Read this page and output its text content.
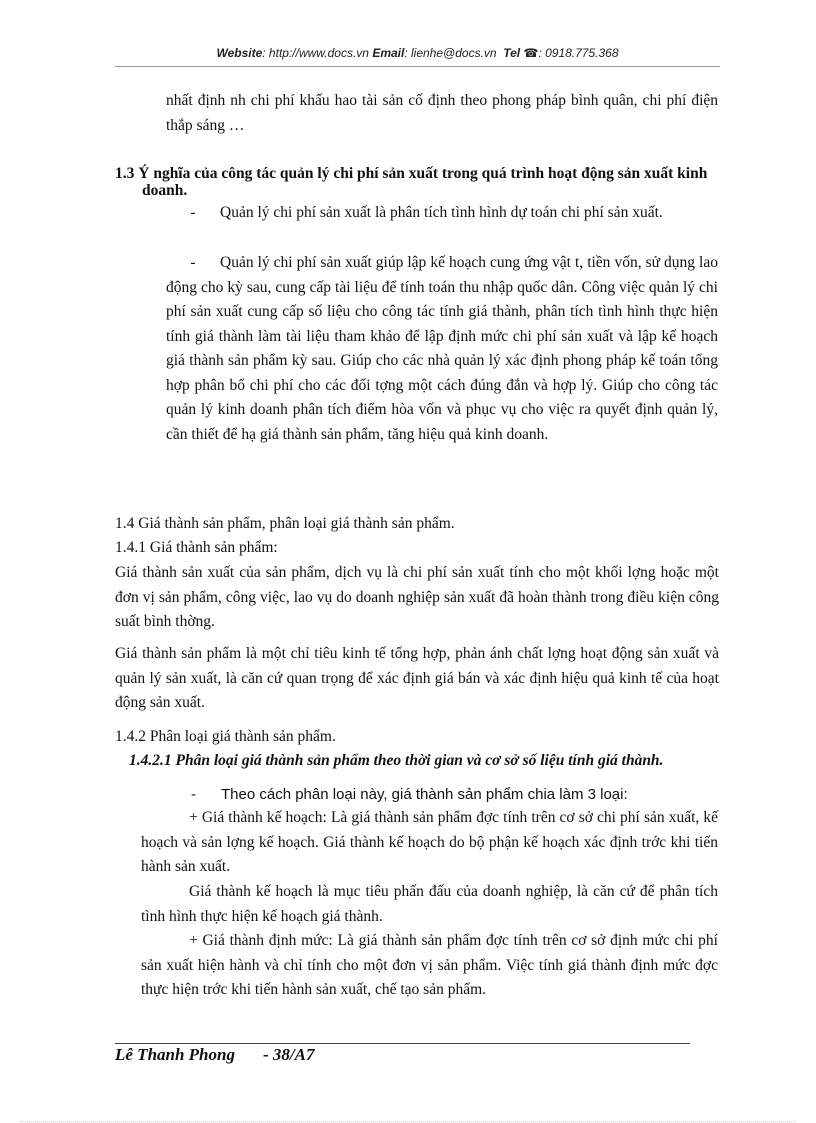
Website: http://www.docs.vn Email: lienhe@docs.vn Tel ☎: 0918.775.368

nhất định nh chi phí khấu hao tài sản cố định theo phong pháp bình quân, chi phí điện thắp sáng …

1.3 Ý nghĩa của công tác quản lý chi phí sản xuất trong quá trình hoạt động sản xuất kinh doanh.

- Quản lý chi phí sản xuất là phân tích tình hình dự toán chi phí sản xuất.

- Quản lý chi phí sản xuất giúp lập kế hoạch cung ứng vật t, tiền vốn, sử dụng lao động cho kỳ sau, cung cấp tài liệu để tính toán thu nhập quốc dân. Công việc quản lý chi phí sản xuất cung cấp số liệu cho công tác tính giá thành, phân tích tình hình thực hiện tính giá thành làm tài liệu tham khảo để lập định mức chi phí sản xuất và lập kế hoạch giá thành sản phẩm kỳ sau. Giúp cho các nhà quản lý xác định phong pháp kế toán tổng hợp phân bổ chi phí cho các đối tợng một cách đúng đắn và hợp lý. Giúp cho công tác quản lý kinh doanh phân tích điểm hòa vốn và phục vụ cho việc ra quyết định quản lý, cần thiết để hạ giá thành sản phẩm, tăng hiệu quả kinh doanh.

1.4 Giá thành sản phẩm, phân loại giá thành sản phẩm.

1.4.1 Giá thành sản phẩm:

Giá thành sản xuất của sản phẩm, dịch vụ là chi phí sản xuất tính cho một khối lợng hoặc một đơn vị sản phẩm, công việc, lao vụ do doanh nghiệp sản xuất đã hoàn thành trong điều kiện công suất bình thờng.

Giá thành sản phẩm là một chỉ tiêu kinh tế tổng hợp, phản ánh chất lợng hoạt động sản xuất và quản lý sản xuất, là căn cứ quan trọng để xác định giá bán và xác định hiệu quả kinh tế của hoạt động sản xuất.

1.4.2 Phân loại giá thành sản phẩm.

1.4.2.1 Phân loại giá thành sản phẩm theo thời gian và cơ sở số liệu tính giá thành.

- Theo cách phân loại này, giá thành sản phẩm chia làm 3 loại:

+ Giá thành kế hoạch: Là giá thành sản phẩm đợc tính trên cơ sở chi phí sản xuất, kế hoạch và sản lợng kế hoạch. Giá thành kế hoạch do bộ phận kế hoạch xác định trớc khi tiến hành sản xuất.

Giá thành kế hoạch là mục tiêu phấn đấu của doanh nghiệp, là căn cứ để phân tích tình hình thực hiện kế hoạch giá thành.

+ Giá thành định mức: Là giá thành sản phẩm đợc tính trên cơ sở định mức chi phí sản xuất hiện hành và chỉ tính cho một đơn vị sản phẩm. Việc tính giá thành định mức đợc thực hiện trớc khi tiến hành sản xuất, chế tạo sản phẩm.

Lê Thanh Phong - 38/A7
